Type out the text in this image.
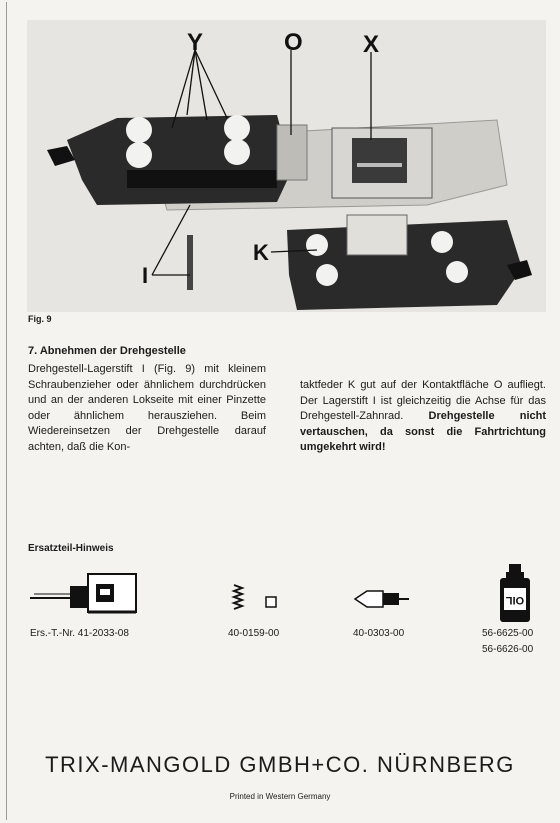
Y	O	X
K
I
Fig. 9
7. Abnehmen der Drehgestelle
Drehgestell-Lagerstift I (Fig. 9) mit kleinem Schraubenzieher oder ähnlichem durchdrücken und an der anderen Lokseite mit einer Pinzette oder ähnlichem herausziehen. Beim Wiedereinsetzen der Drehgestelle darauf achten, daß die Kon-
taktfeder K gut auf der Kontaktfläche O aufliegt. Der Lagerstift I ist gleichzeitig die Achse für das Drehgestell-Zahnrad. Drehgestelle nicht vertauschen, da sonst die Fahrtrichtung umgekehrt wird!
Ersatzteil-Hinweis
Ers.-T.-Nr. 41-2033-08	40-0159-00	40-0303-00
OIL
56-6625-00
56-6626-00
TRIX-MANGOLD GMBH+CO. NÜRNBERG
Printed in Western Germany
